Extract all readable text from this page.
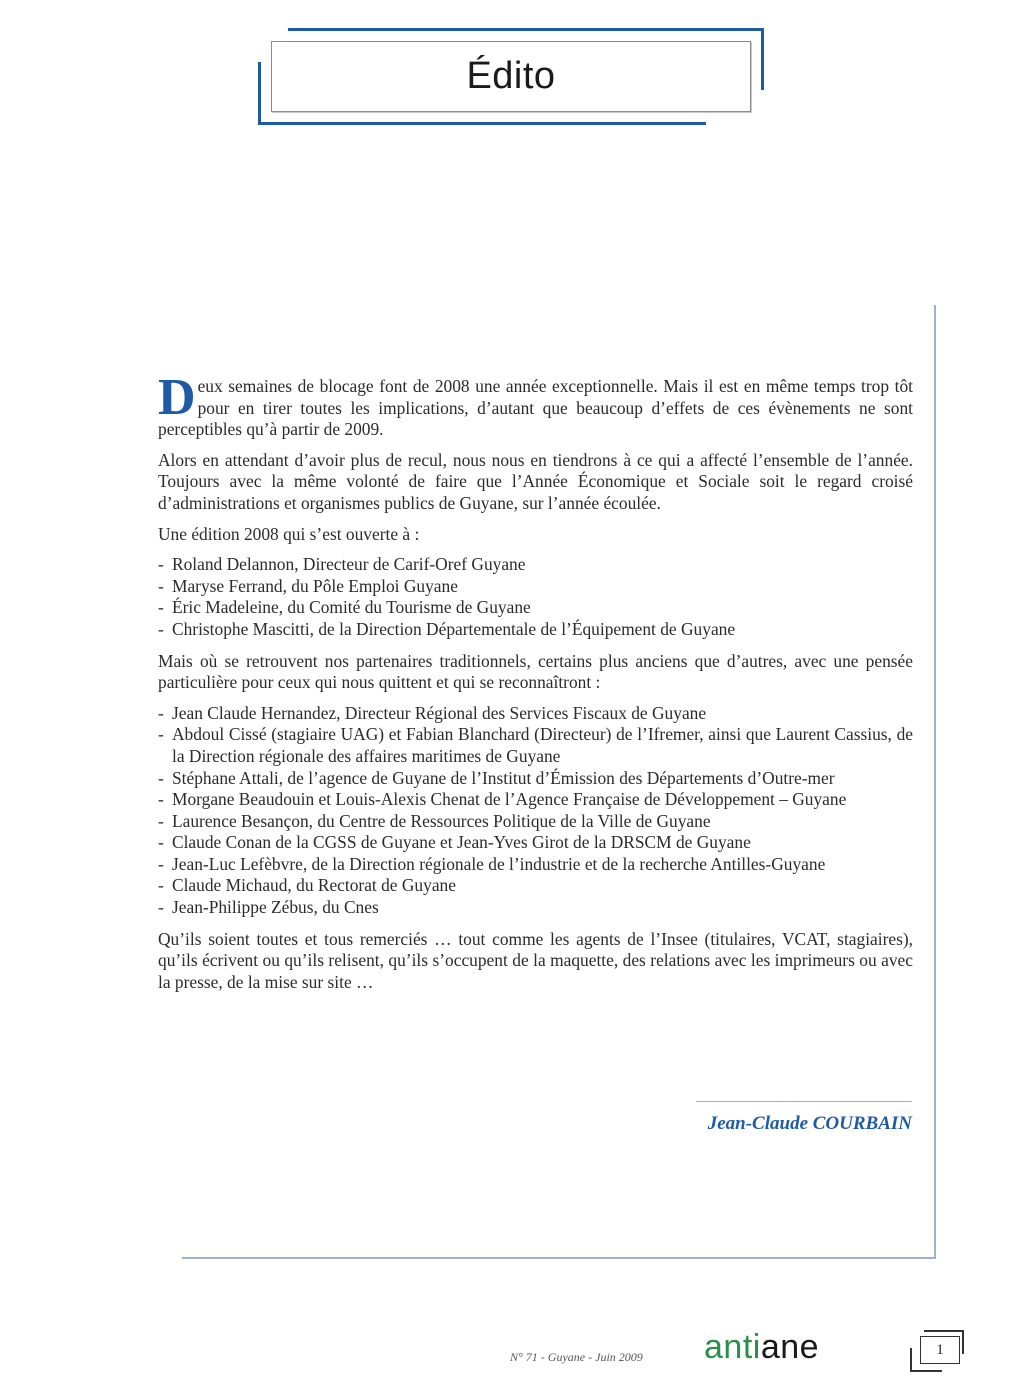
Édito

Deux semaines de blocage font de 2008 une année exceptionnelle. Mais il est en même temps trop tôt pour en tirer toutes les implications, d’autant que beaucoup d’effets de ces évènements ne sont perceptibles qu’à partir de 2009.

Alors en attendant d’avoir plus de recul, nous nous en tiendrons à ce qui a affecté l’ensemble de l’année. Toujours avec la même volonté de faire que l’Année Économique et Sociale soit le regard croisé d’administrations et organismes publics de Guyane, sur l’année écoulée.

Une édition 2008 qui s’est ouverte à :

- Roland Delannon, Directeur de Carif-Oref Guyane
- Maryse Ferrand, du Pôle Emploi Guyane
- Éric Madeleine, du Comité du Tourisme de Guyane
- Christophe Mascitti, de la Direction Départementale de l’Équipement de Guyane

Mais où se retrouvent nos partenaires traditionnels, certains plus anciens que d’autres, avec une pensée particulière pour ceux qui nous quittent et qui se reconnaîtront :

- Jean Claude Hernandez, Directeur Régional des Services Fiscaux de Guyane
- Abdoul Cissé (stagiaire UAG) et Fabian Blanchard (Directeur) de l’Ifremer, ainsi que Laurent Cassius, de la Direction régionale des affaires maritimes de Guyane
- Stéphane Attali, de l’agence de Guyane de l’Institut d’Émission des Départements d’Outre-mer
- Morgane Beaudouin et Louis-Alexis Chenat de l’Agence Française de Développement – Guyane
- Laurence Besançon, du Centre de Ressources Politique de la Ville de Guyane
- Claude Conan de la CGSS de Guyane et Jean-Yves Girot de la DRSCM de Guyane
- Jean-Luc Lefèbvre, de la Direction régionale de l’industrie et de la recherche Antilles-Guyane
- Claude Michaud, du Rectorat de Guyane
- Jean-Philippe Zébus, du Cnes

Qu’ils soient toutes et tous remerciés … tout comme les agents de l’Insee (titulaires, VCAT, stagiaires), qu’ils écrivent ou qu’ils relisent, qu’ils s’occupent de la maquette, des relations avec les imprimeurs ou avec la presse, de la mise sur site …

Jean-Claude COURBAIN
N° 71 - Guyane - Juin 2009 antiane	1
